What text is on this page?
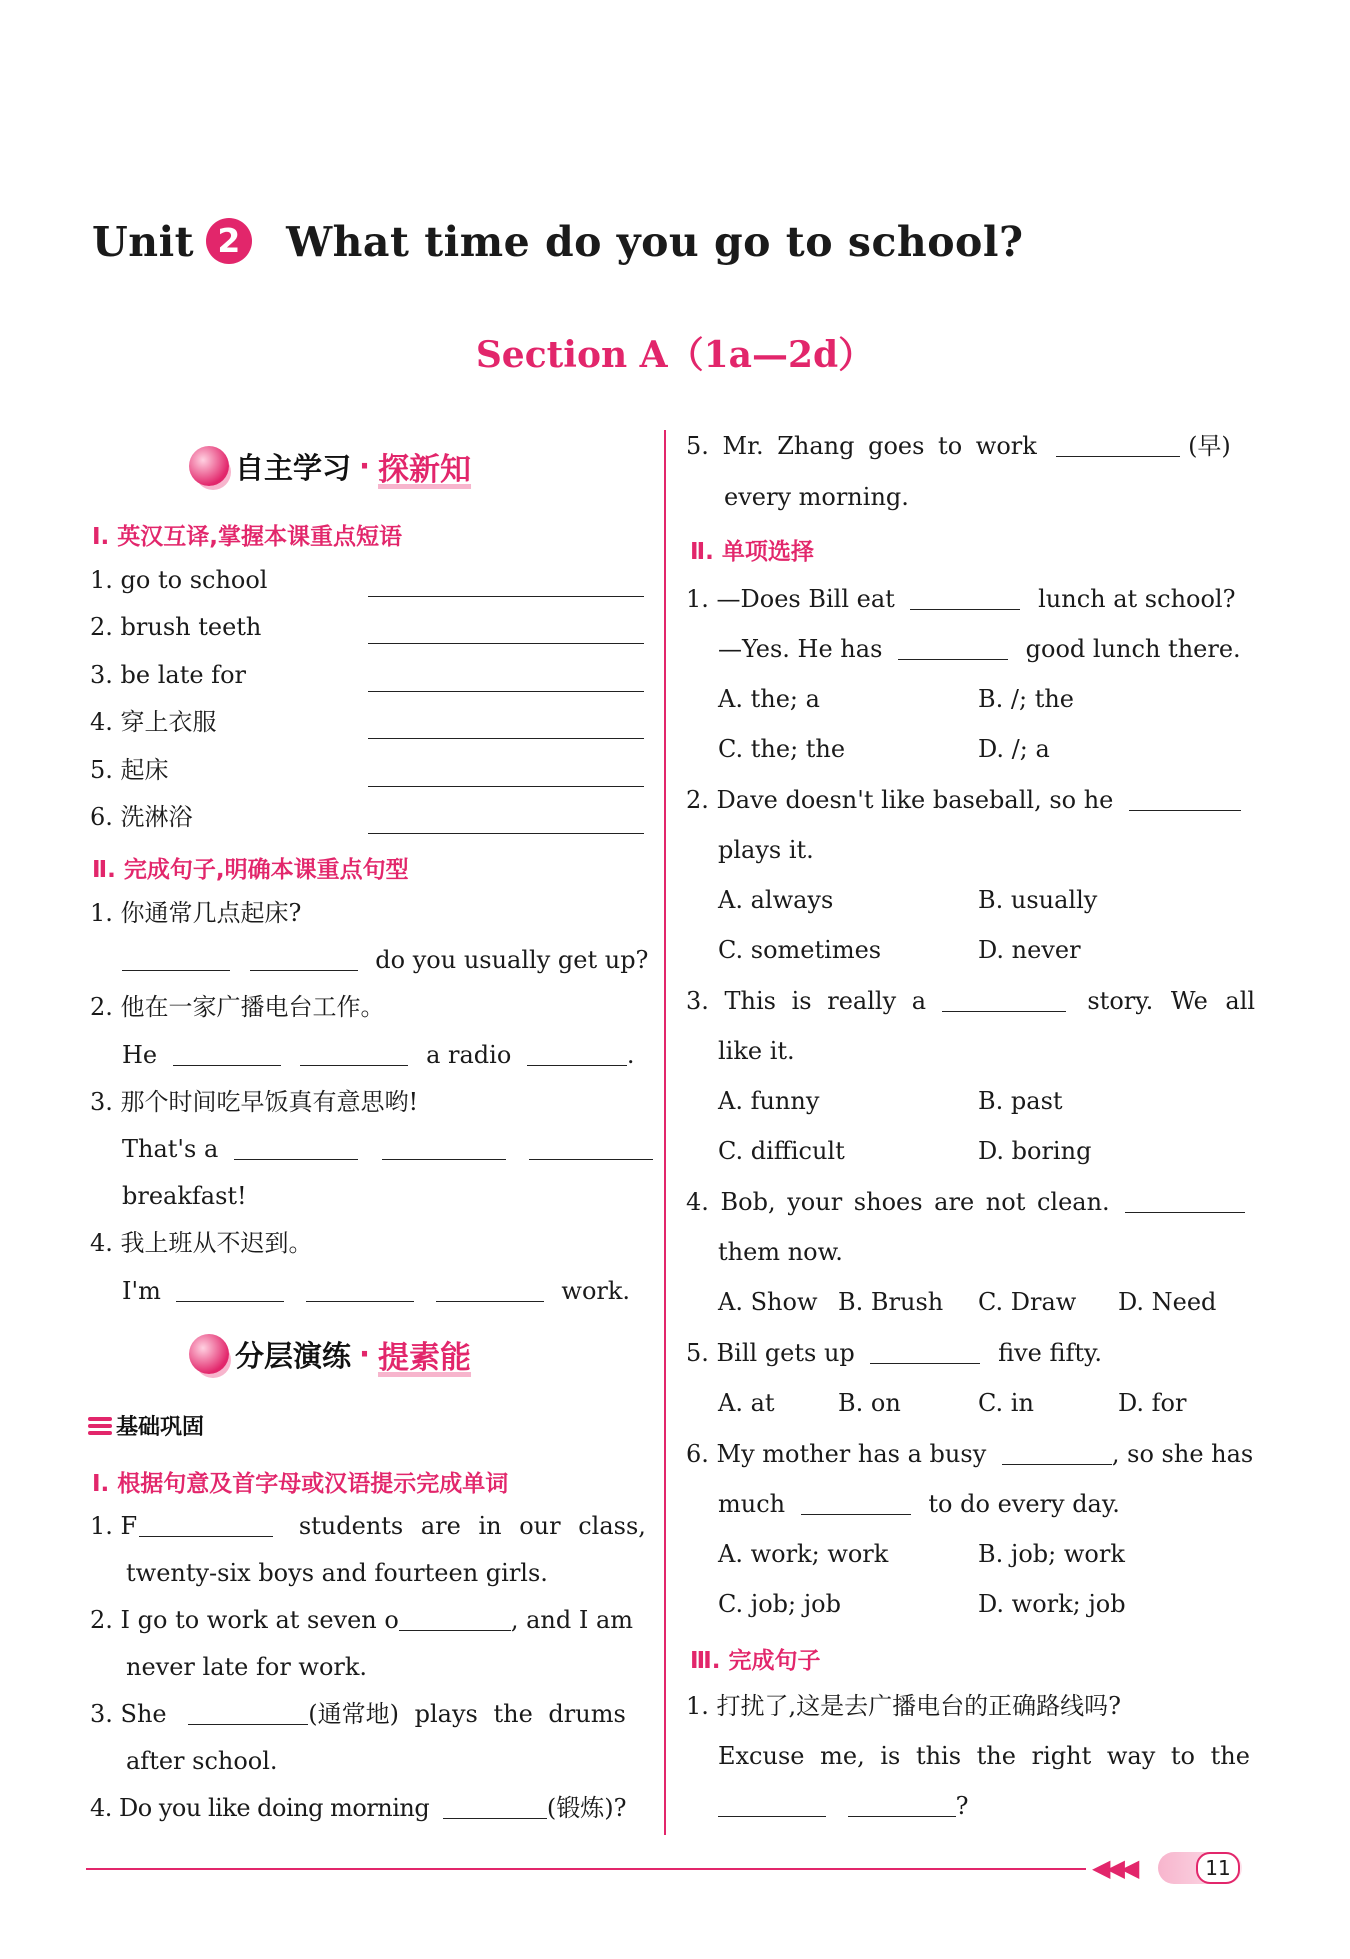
Unit 2 What time do you go to school?
Section A（1a—2d）
自主学习 · 探新知
Ⅰ. 英汉互译,掌握本课重点短语
1. go to school
2. brush teeth
3. be late for
4. 穿上衣服
5. 起床
6. 洗淋浴
Ⅱ. 完成句子,明确本课重点句型
1. 你通常几点起床?
do you usually get up?
2. 他在一家广播电台工作。
He	a radio	.
3. 那个时间吃早饭真有意思哟!
That's a
breakfast!
4. 我上班从不迟到。
I'm	work.
分层演练 · 提素能
基础巩固
Ⅰ. 根据句意及首字母或汉语提示完成单词
1. F	students are in our class,
twenty-six boys and fourteen girls.
2. I go to work at seven o	, and I am
never late for work.
3. She	(通常地) plays the drums
after school.
4. Do you like doing morning	(锻炼)?
5. Mr. Zhang goes to work	(早)
every morning.
Ⅱ. 单项选择
1. —Does Bill eat	lunch at school?
—Yes. He has	good lunch there.
A. the; a	B. /; the
C. the; the	D. /; a
2. Dave doesn't like baseball, so he
plays it.
A. always	B. usually
C. sometimes	D. never
3. This is really a	story. We all
like it.
A. funny	B. past
C. difficult	D. boring
4. Bob, your shoes are not clean.
them now.
A. Show B. Brush C. Draw D. Need
5. Bill gets up	five fifty.
A. at	B. on	C. in	D. for
6. My mother has a busy	, so she has
much	to do every day.
A. work; work	B. job; work
C. job; job	D. work; job
Ⅲ. 完成句子
1. 打扰了,这是去广播电台的正确路线吗?
Excuse me, is this the right way to the
?
◀◀◀	11
